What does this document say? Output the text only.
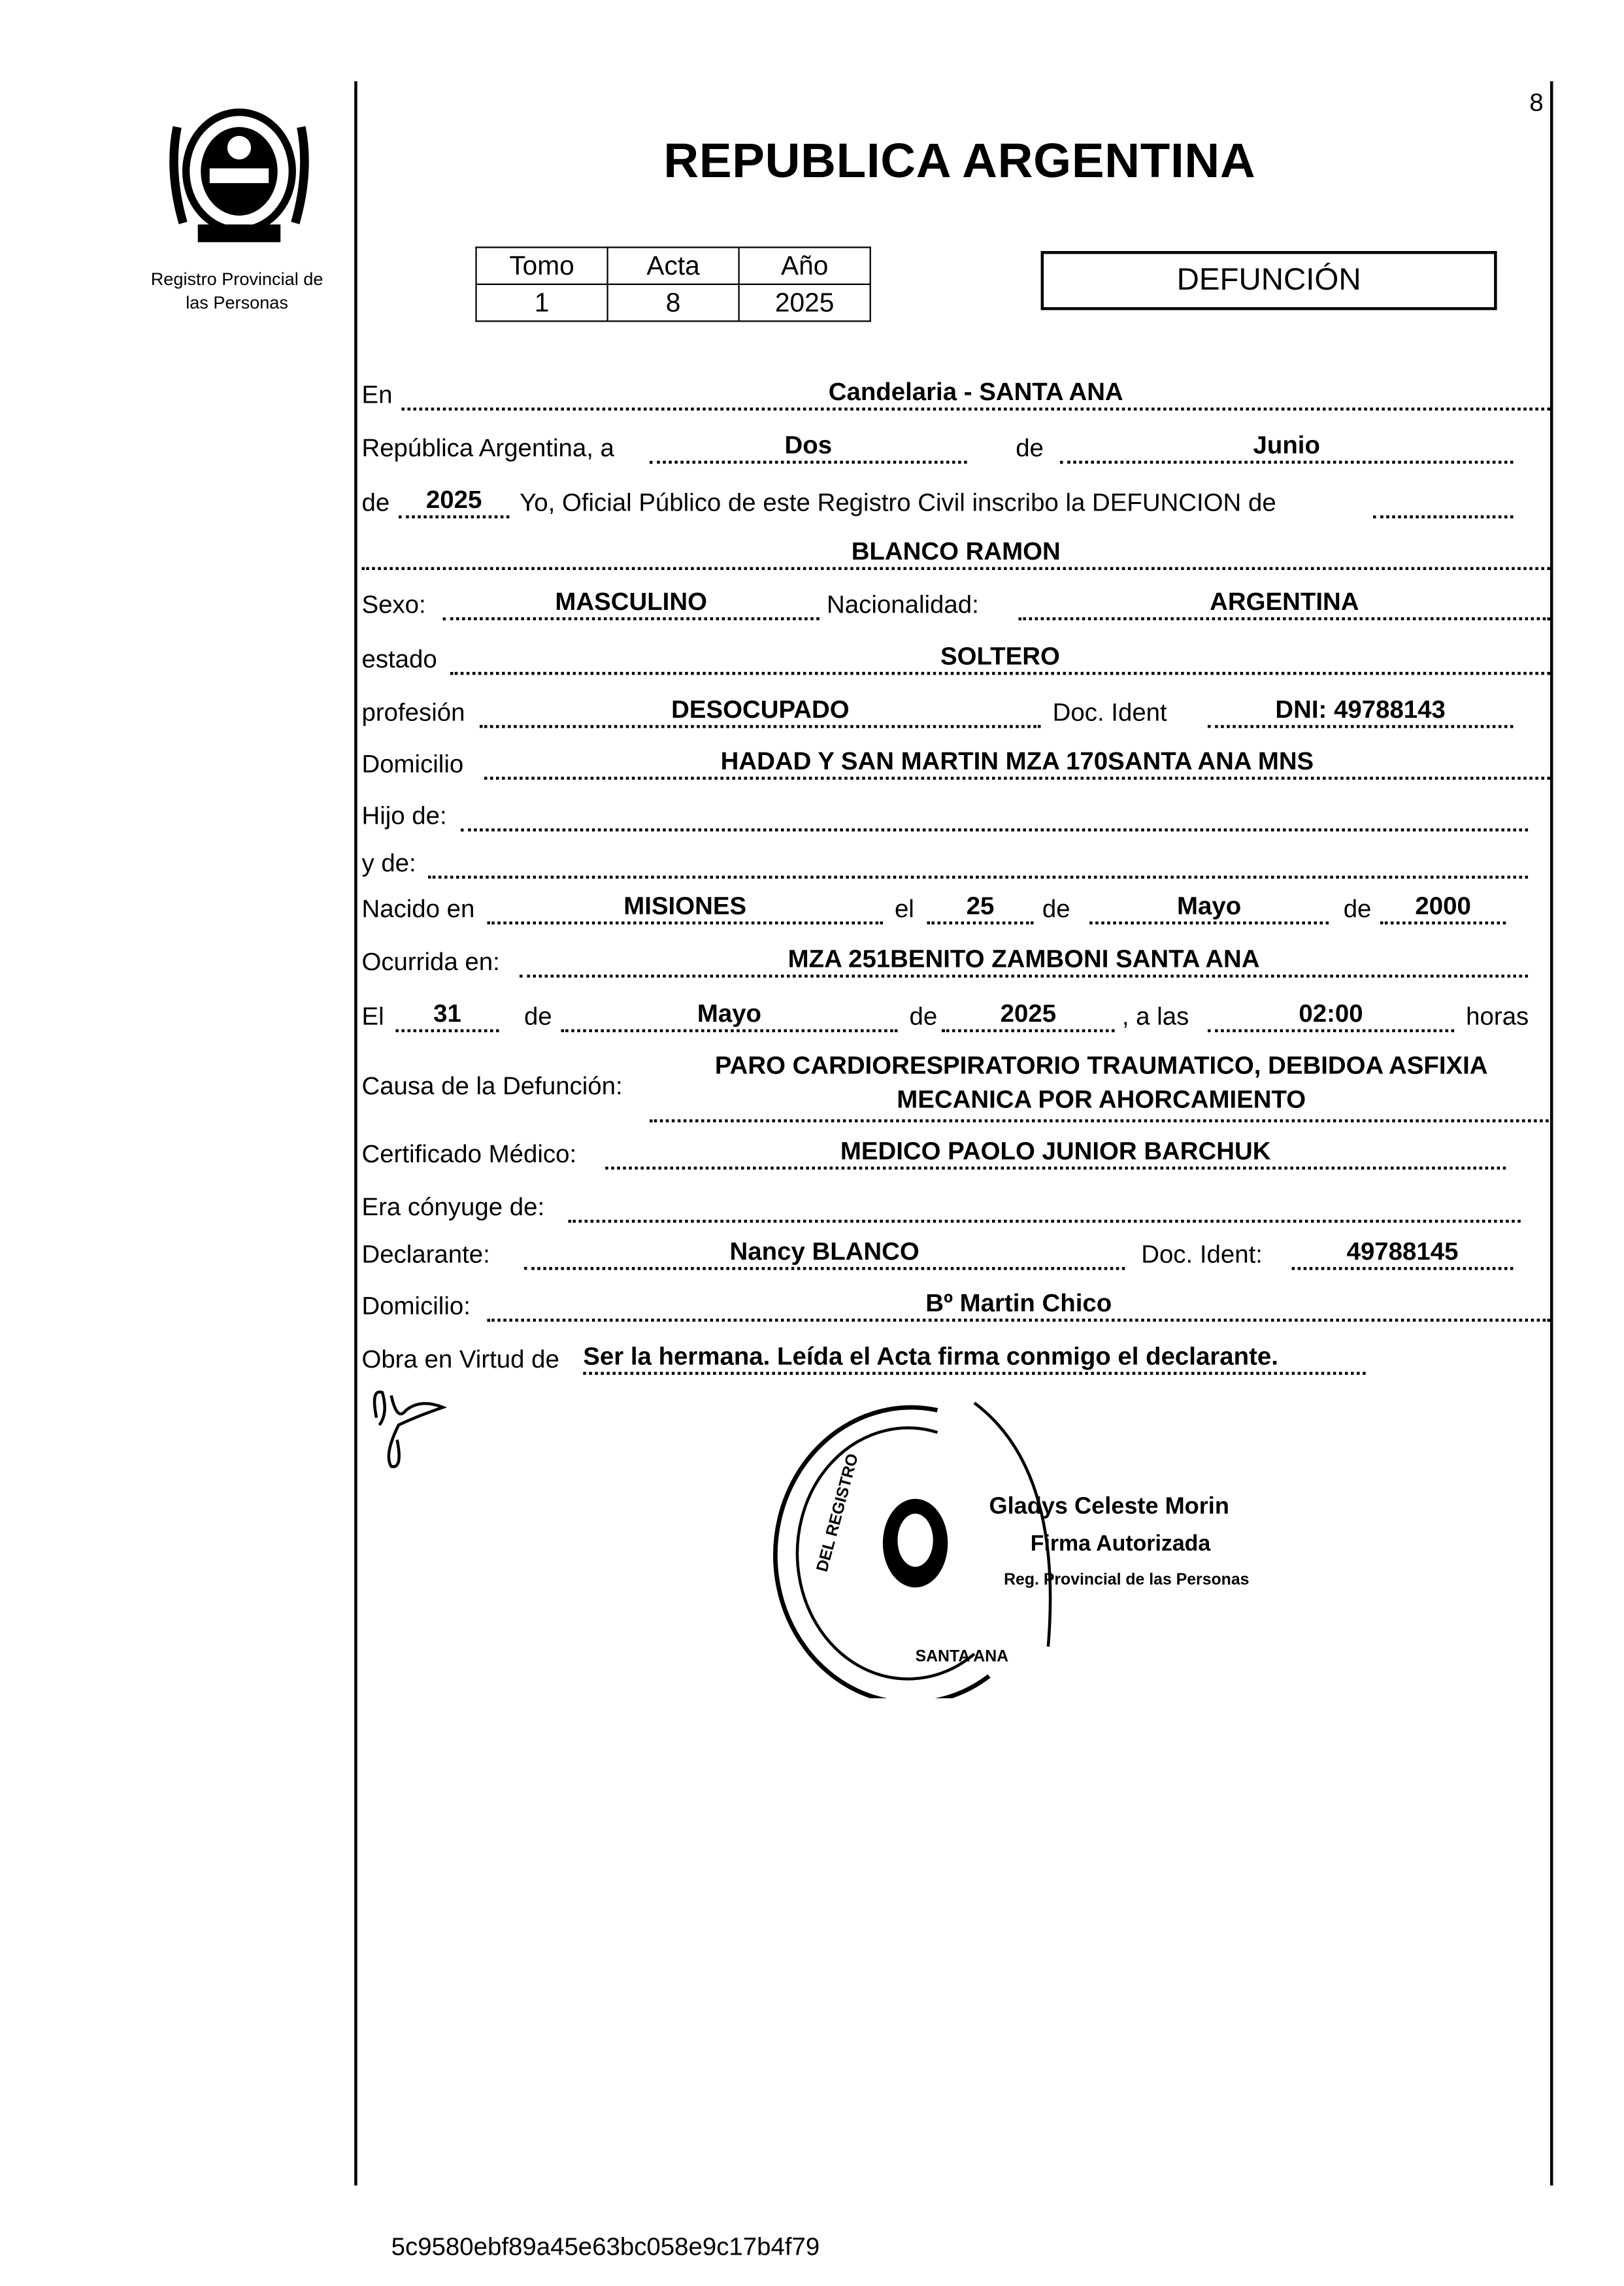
Registro Provincial de
las Personas
8
REPUBLICA ARGENTINA
Tomo	Acta	Año
1	8	2025
DEFUNCIÓN
En	Candelaria - SANTA ANA
República Argentina, a	Dos	de	Junio
de	2025	Yo, Oficial Público de este Registro Civil inscribo la DEFUNCION de
BLANCO RAMON
Sexo:	MASCULINO	Nacionalidad:	ARGENTINA
estado	SOLTERO
profesión	DESOCUPADO	Doc. Ident	DNI: 49788143
Domicilio	HADAD Y SAN MARTIN MZA 170SANTA ANA MNS
Hijo de:
y de:
Nacido en	MISIONES	el	25	de	Mayo	de	2000
Ocurrida en:	MZA 251BENITO ZAMBONI SANTA ANA
El	31	de	Mayo	de	2025	, a las	02:00	horas
Causa de la Defunción:
PARO CARDIORESPIRATORIO TRAUMATICO, DEBIDOA ASFIXIA
MECANICA POR AHORCAMIENTO
Certificado Médico:	MEDICO PAOLO JUNIOR BARCHUK
Era cónyuge de:
Declarante:	Nancy BLANCO	Doc. Ident:	49788145
Domicilio:	Bº Martin Chico
Obra en Virtud de Ser la hermana. Leída el Acta firma conmigo el declarante.
DEL REGISTRO
SANTA ANA
Gladys Celeste Morin
Firma Autorizada
Reg. Provincial de las Personas
5c9580ebf89a45e63bc058e9c17b4f79
